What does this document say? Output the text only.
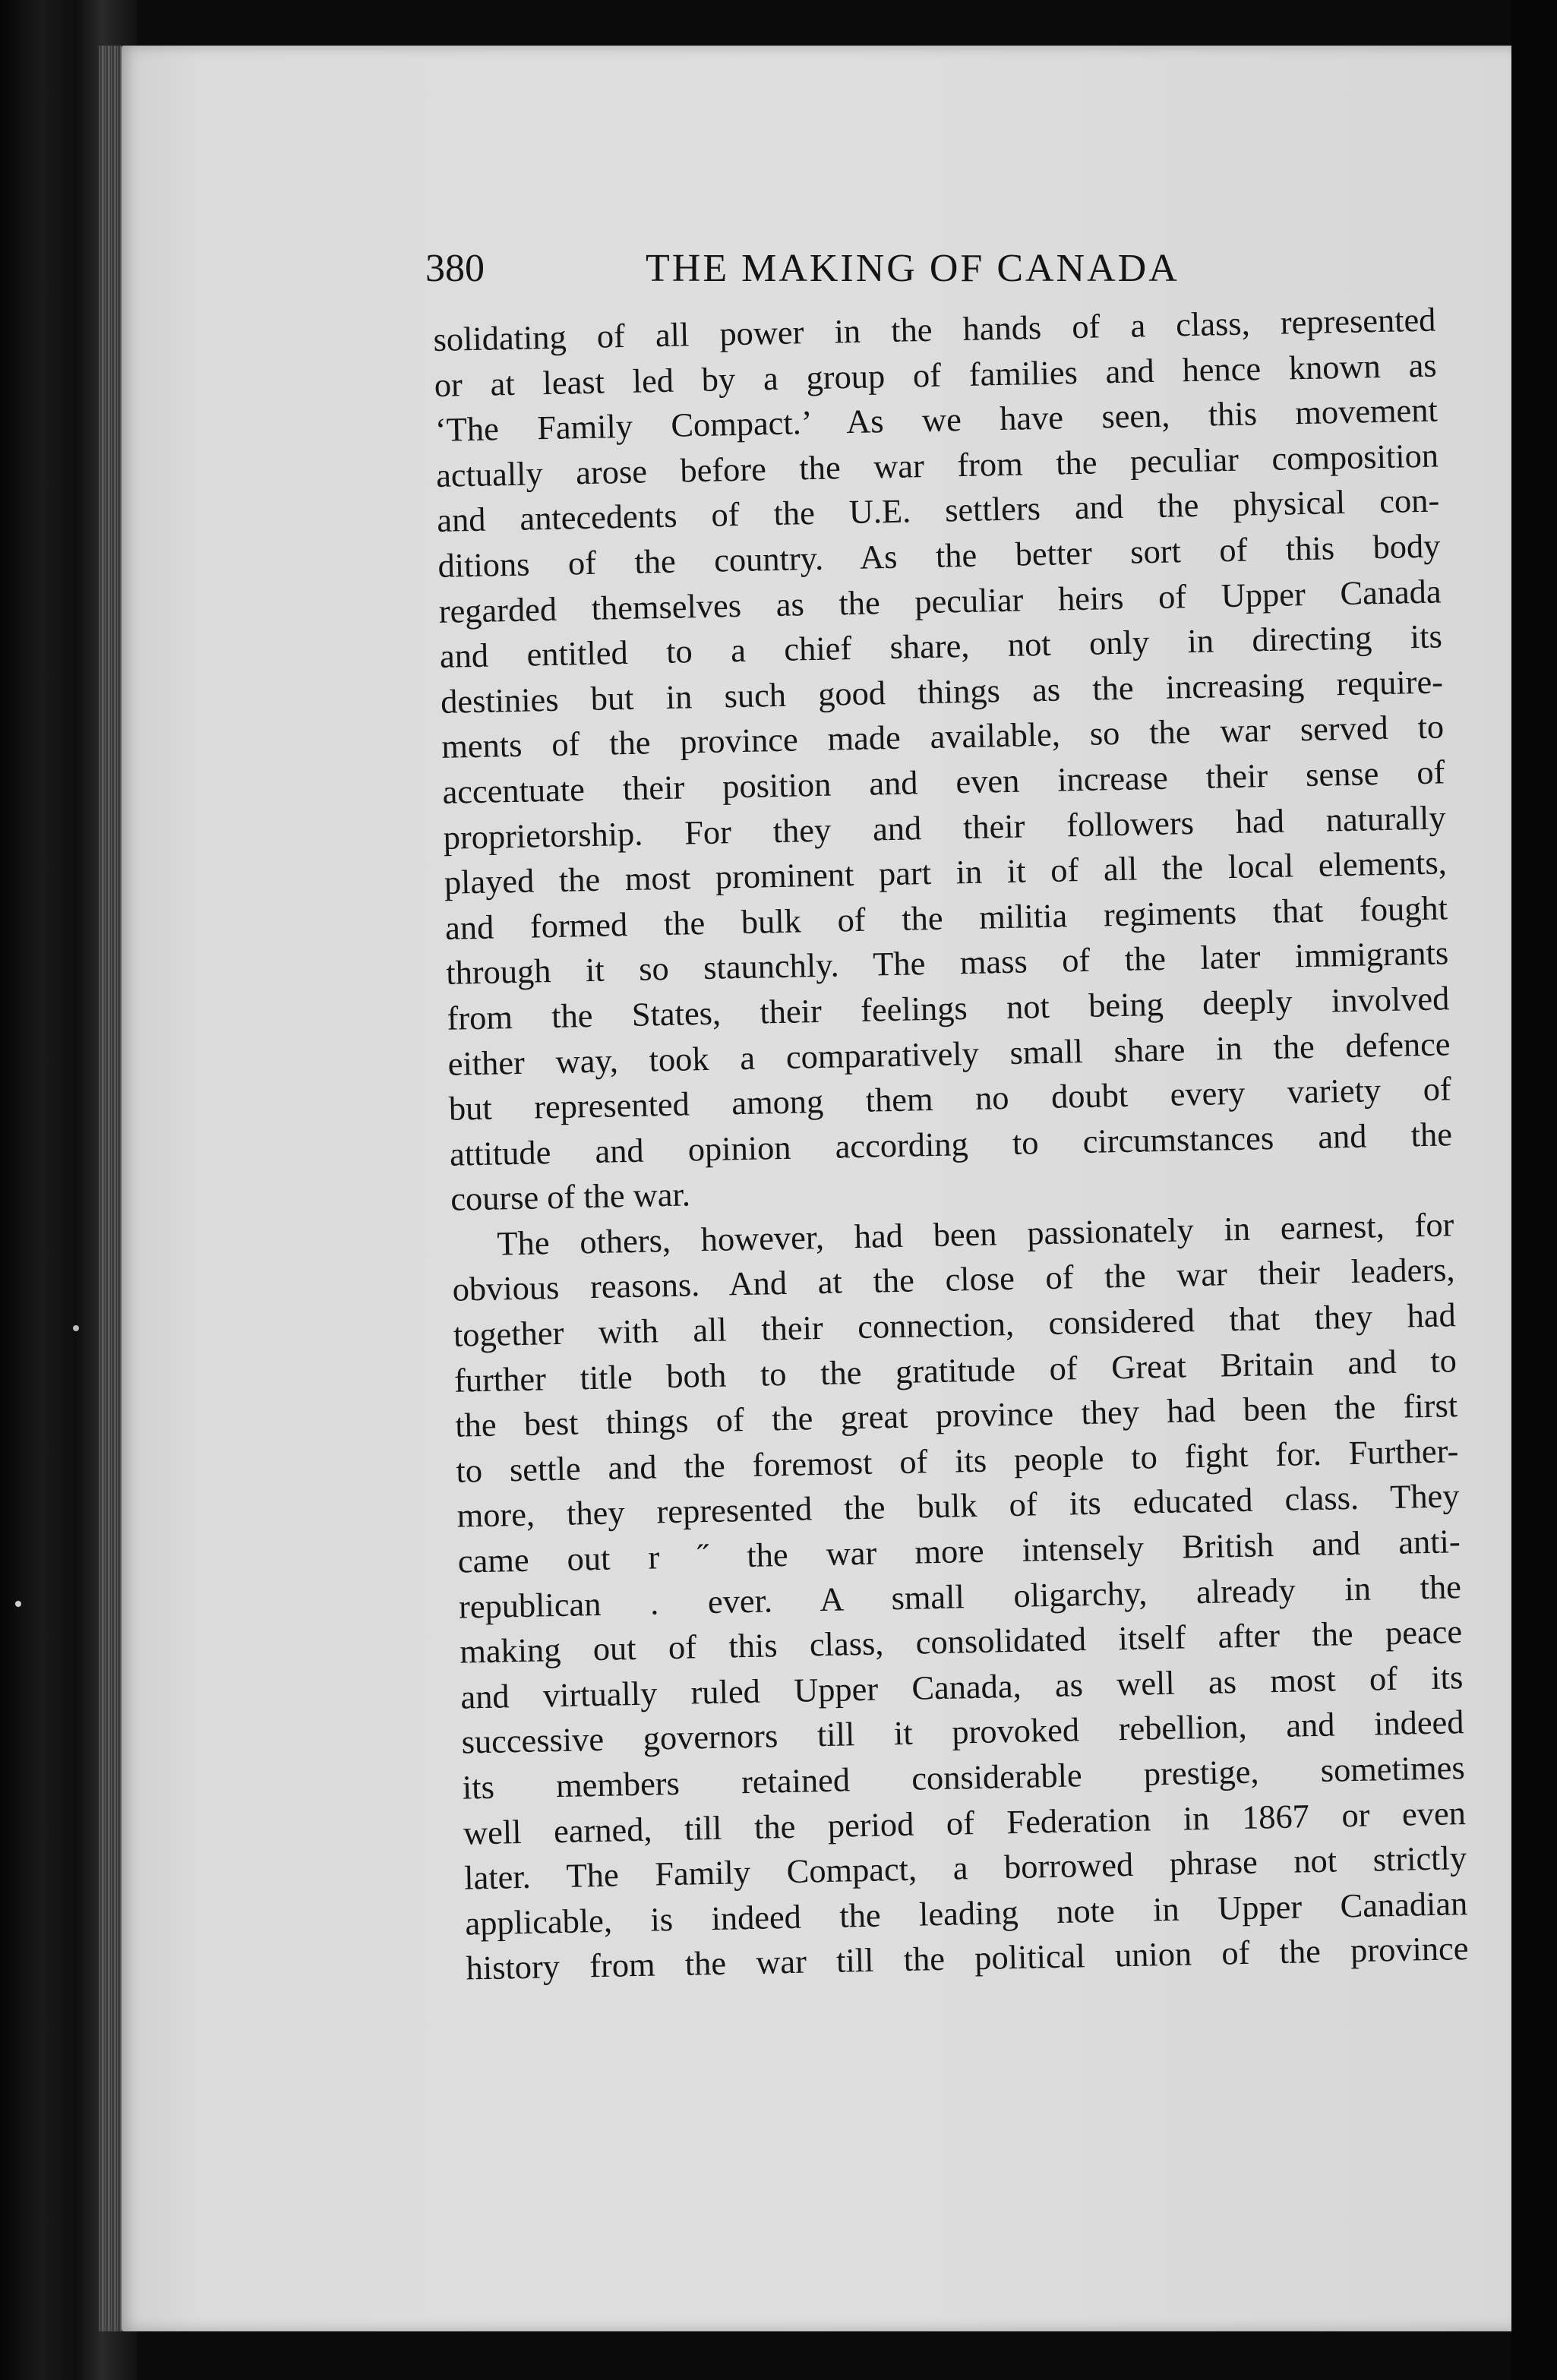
380	THE MAKING OF CANADA
solidating of all power in the hands of a class, represented
or at least led by a group of families and hence known as
‘The Family Compact.’ As we have seen, this movement
actually arose before the war from the peculiar composition
and antecedents of the U.E. settlers and the physical con-
ditions of the country. As the better sort of this body
regarded themselves as the peculiar heirs of Upper Canada
and entitled to a chief share, not only in directing its
destinies but in such good things as the increasing require-
ments of the province made available, so the war served to
accentuate their position and even increase their sense of
proprietorship. For they and their followers had naturally
played the most prominent part in it of all the local elements,
and formed the bulk of the militia regiments that fought
through it so staunchly. The mass of the later immigrants
from the States, their feelings not being deeply involved
either way, took a comparatively small share in the defence
but represented among them no doubt every variety of
attitude and opinion according to circumstances and the
course of the war.
The others, however, had been passionately in earnest, for
obvious reasons. And at the close of the war their leaders,
together with all their connection, considered that they had
further title both to the gratitude of Great Britain and to
the best things of the great province they had been the first
to settle and the foremost of its people to fight for. Further-
more, they represented the bulk of its educated class. They
came out r ˝ the war more intensely British and anti-
republican . ever. A small oligarchy, already in the
making out of this class, consolidated itself after the peace
and virtually ruled Upper Canada, as well as most of its
successive governors till it provoked rebellion, and indeed
its members retained considerable prestige, sometimes
well earned, till the period of Federation in 1867 or even
later. The Family Compact, a borrowed phrase not strictly
applicable, is indeed the leading note in Upper Canadian
history from the war till the political union of the province
